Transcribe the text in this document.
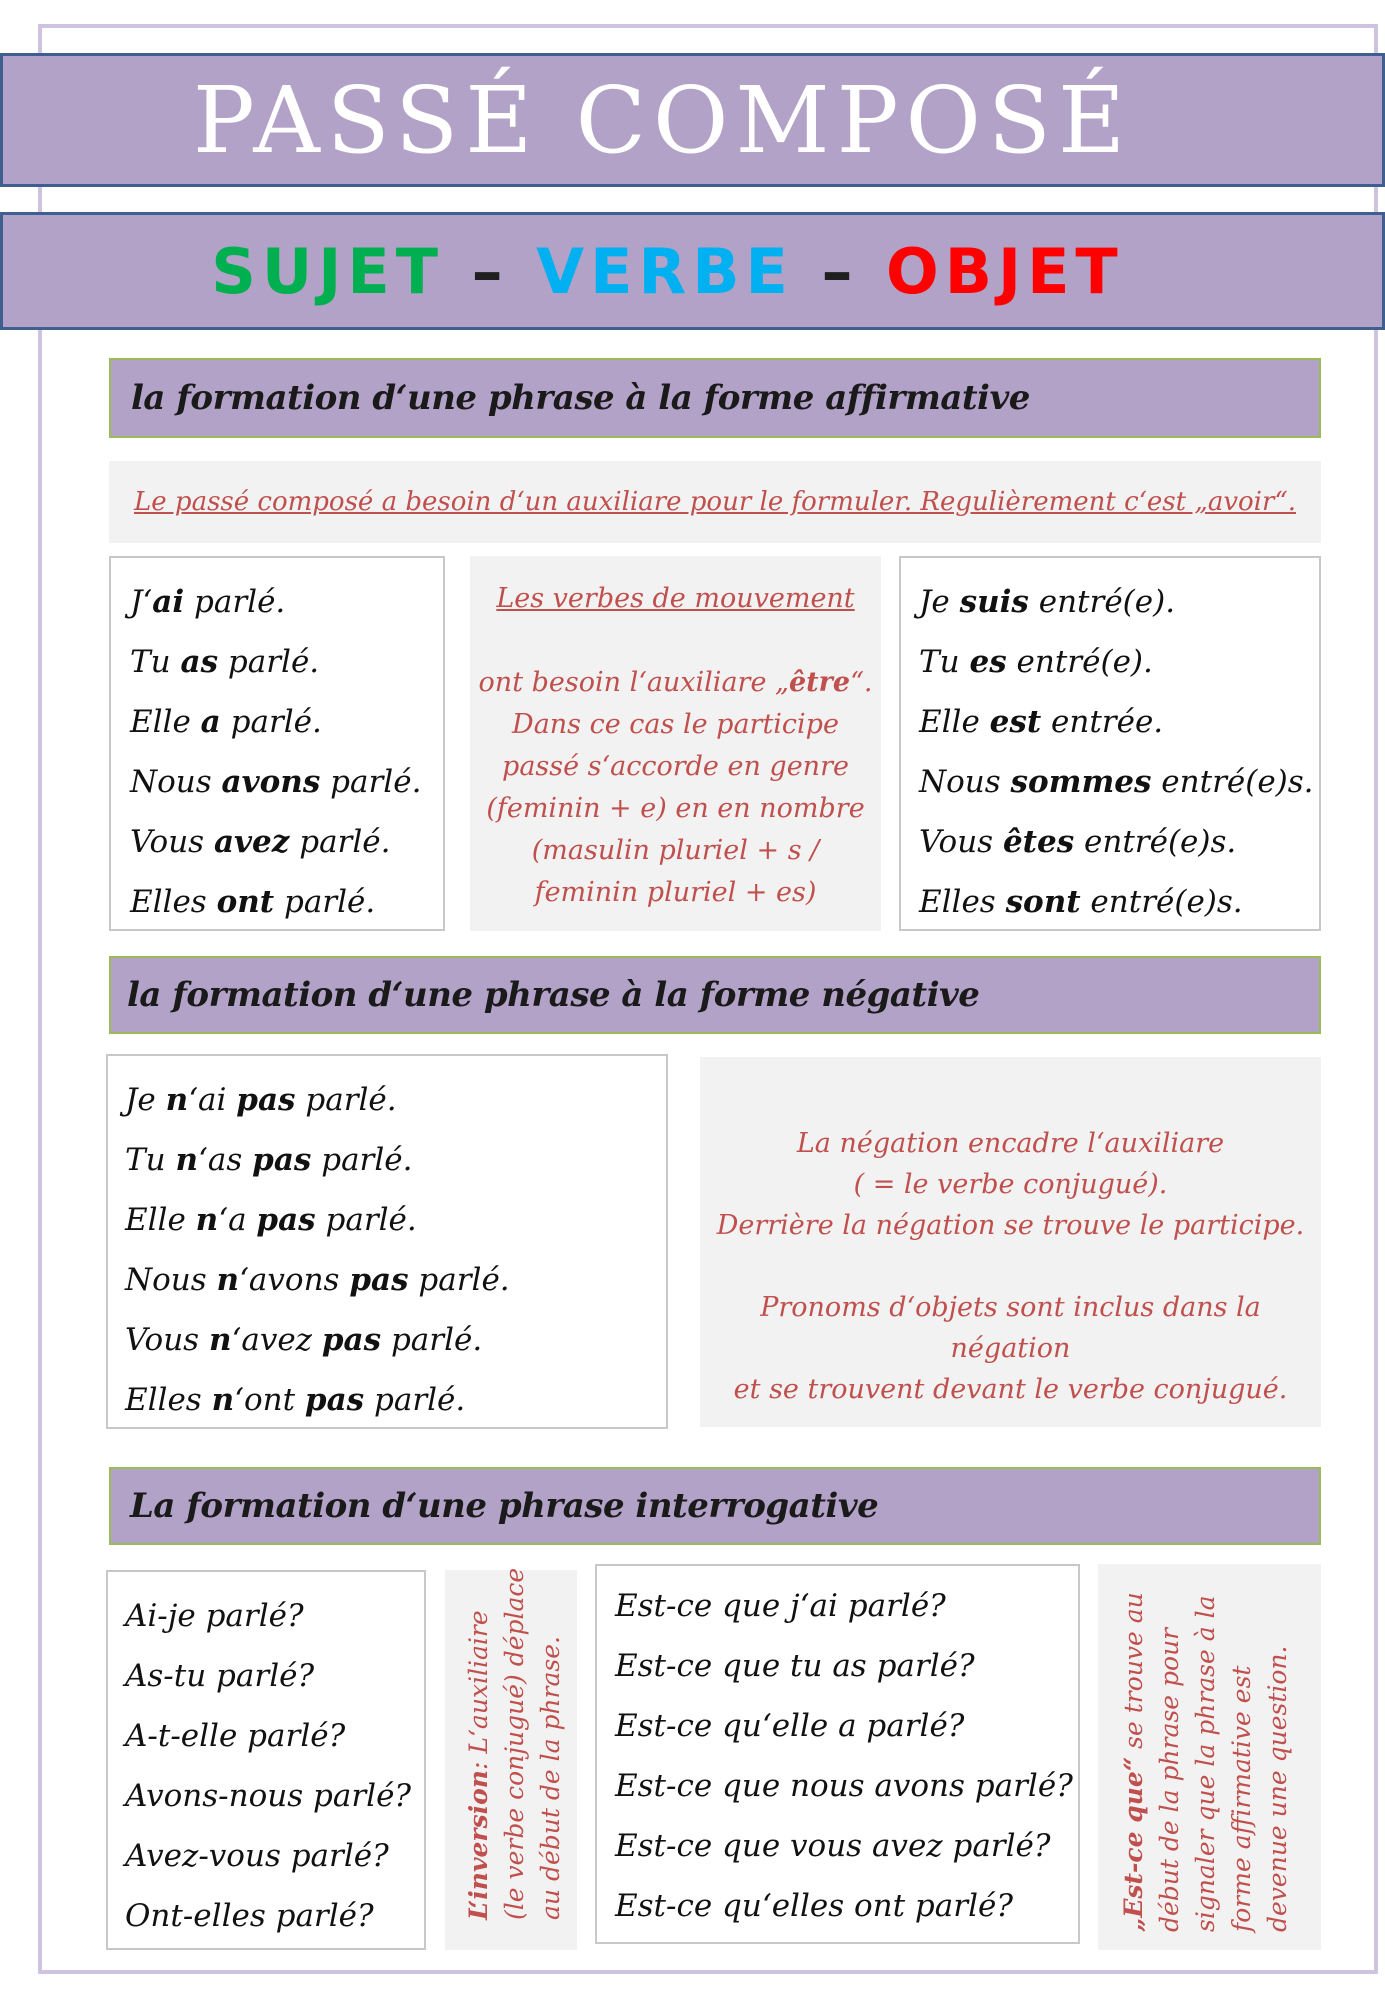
PASSÉ COMPOSÉ
SUJET – VERBE – OBJET
la formation d‘une phrase à la forme affirmative
Le passé composé a besoin d‘un auxiliare pour le formuler. Regulièrement c‘est „avoir“.
J‘ai parlé.
Tu as parlé.
Elle a parlé.
Nous avons parlé.
Vous avez parlé.
Elles ont parlé.
Les verbes de mouvement
ont besoin l‘auxiliare „être“.
Dans ce cas le participe
passé s‘accorde en genre
(feminin + e) en en nombre
(masulin pluriel + s /
feminin pluriel + es)
Je suis entré(e).
Tu es entré(e).
Elle est entrée.
Nous sommes entré(e)s.
Vous êtes entré(e)s.
Elles sont entré(e)s.
la formation d‘une phrase à la forme négative
Je n‘ai pas parlé.
Tu n‘as pas parlé.
Elle n‘a pas parlé.
Nous n‘avons pas parlé.
Vous n‘avez pas parlé.
Elles n‘ont pas parlé.
La négation encadre l‘auxiliare
( = le verbe conjugué).
Derrière la négation se trouve le participe.
Pronoms d‘objets sont inclus dans la négation
et se trouvent devant le verbe conjugué.
La formation d‘une phrase interrogative
Ai-je parlé?
As-tu parlé?
A-t-elle parlé?
Avons-nous parlé?
Avez-vous parlé?
Ont-elles parlé?	L‘inversion: L‘auxiliaire (le verbe conjugué) déplace au début de la phrase.
Est-ce que j‘ai parlé?
Est-ce que tu as parlé?
Est-ce qu‘elle a parlé?
Est-ce que nous avons parlé?
Est-ce que vous avez parlé?
Est-ce qu‘elles ont parlé?	„Est-ce que“ se trouve au début de la phrase pour signaler que la phrase à la forme affirmative est devenue une question.
